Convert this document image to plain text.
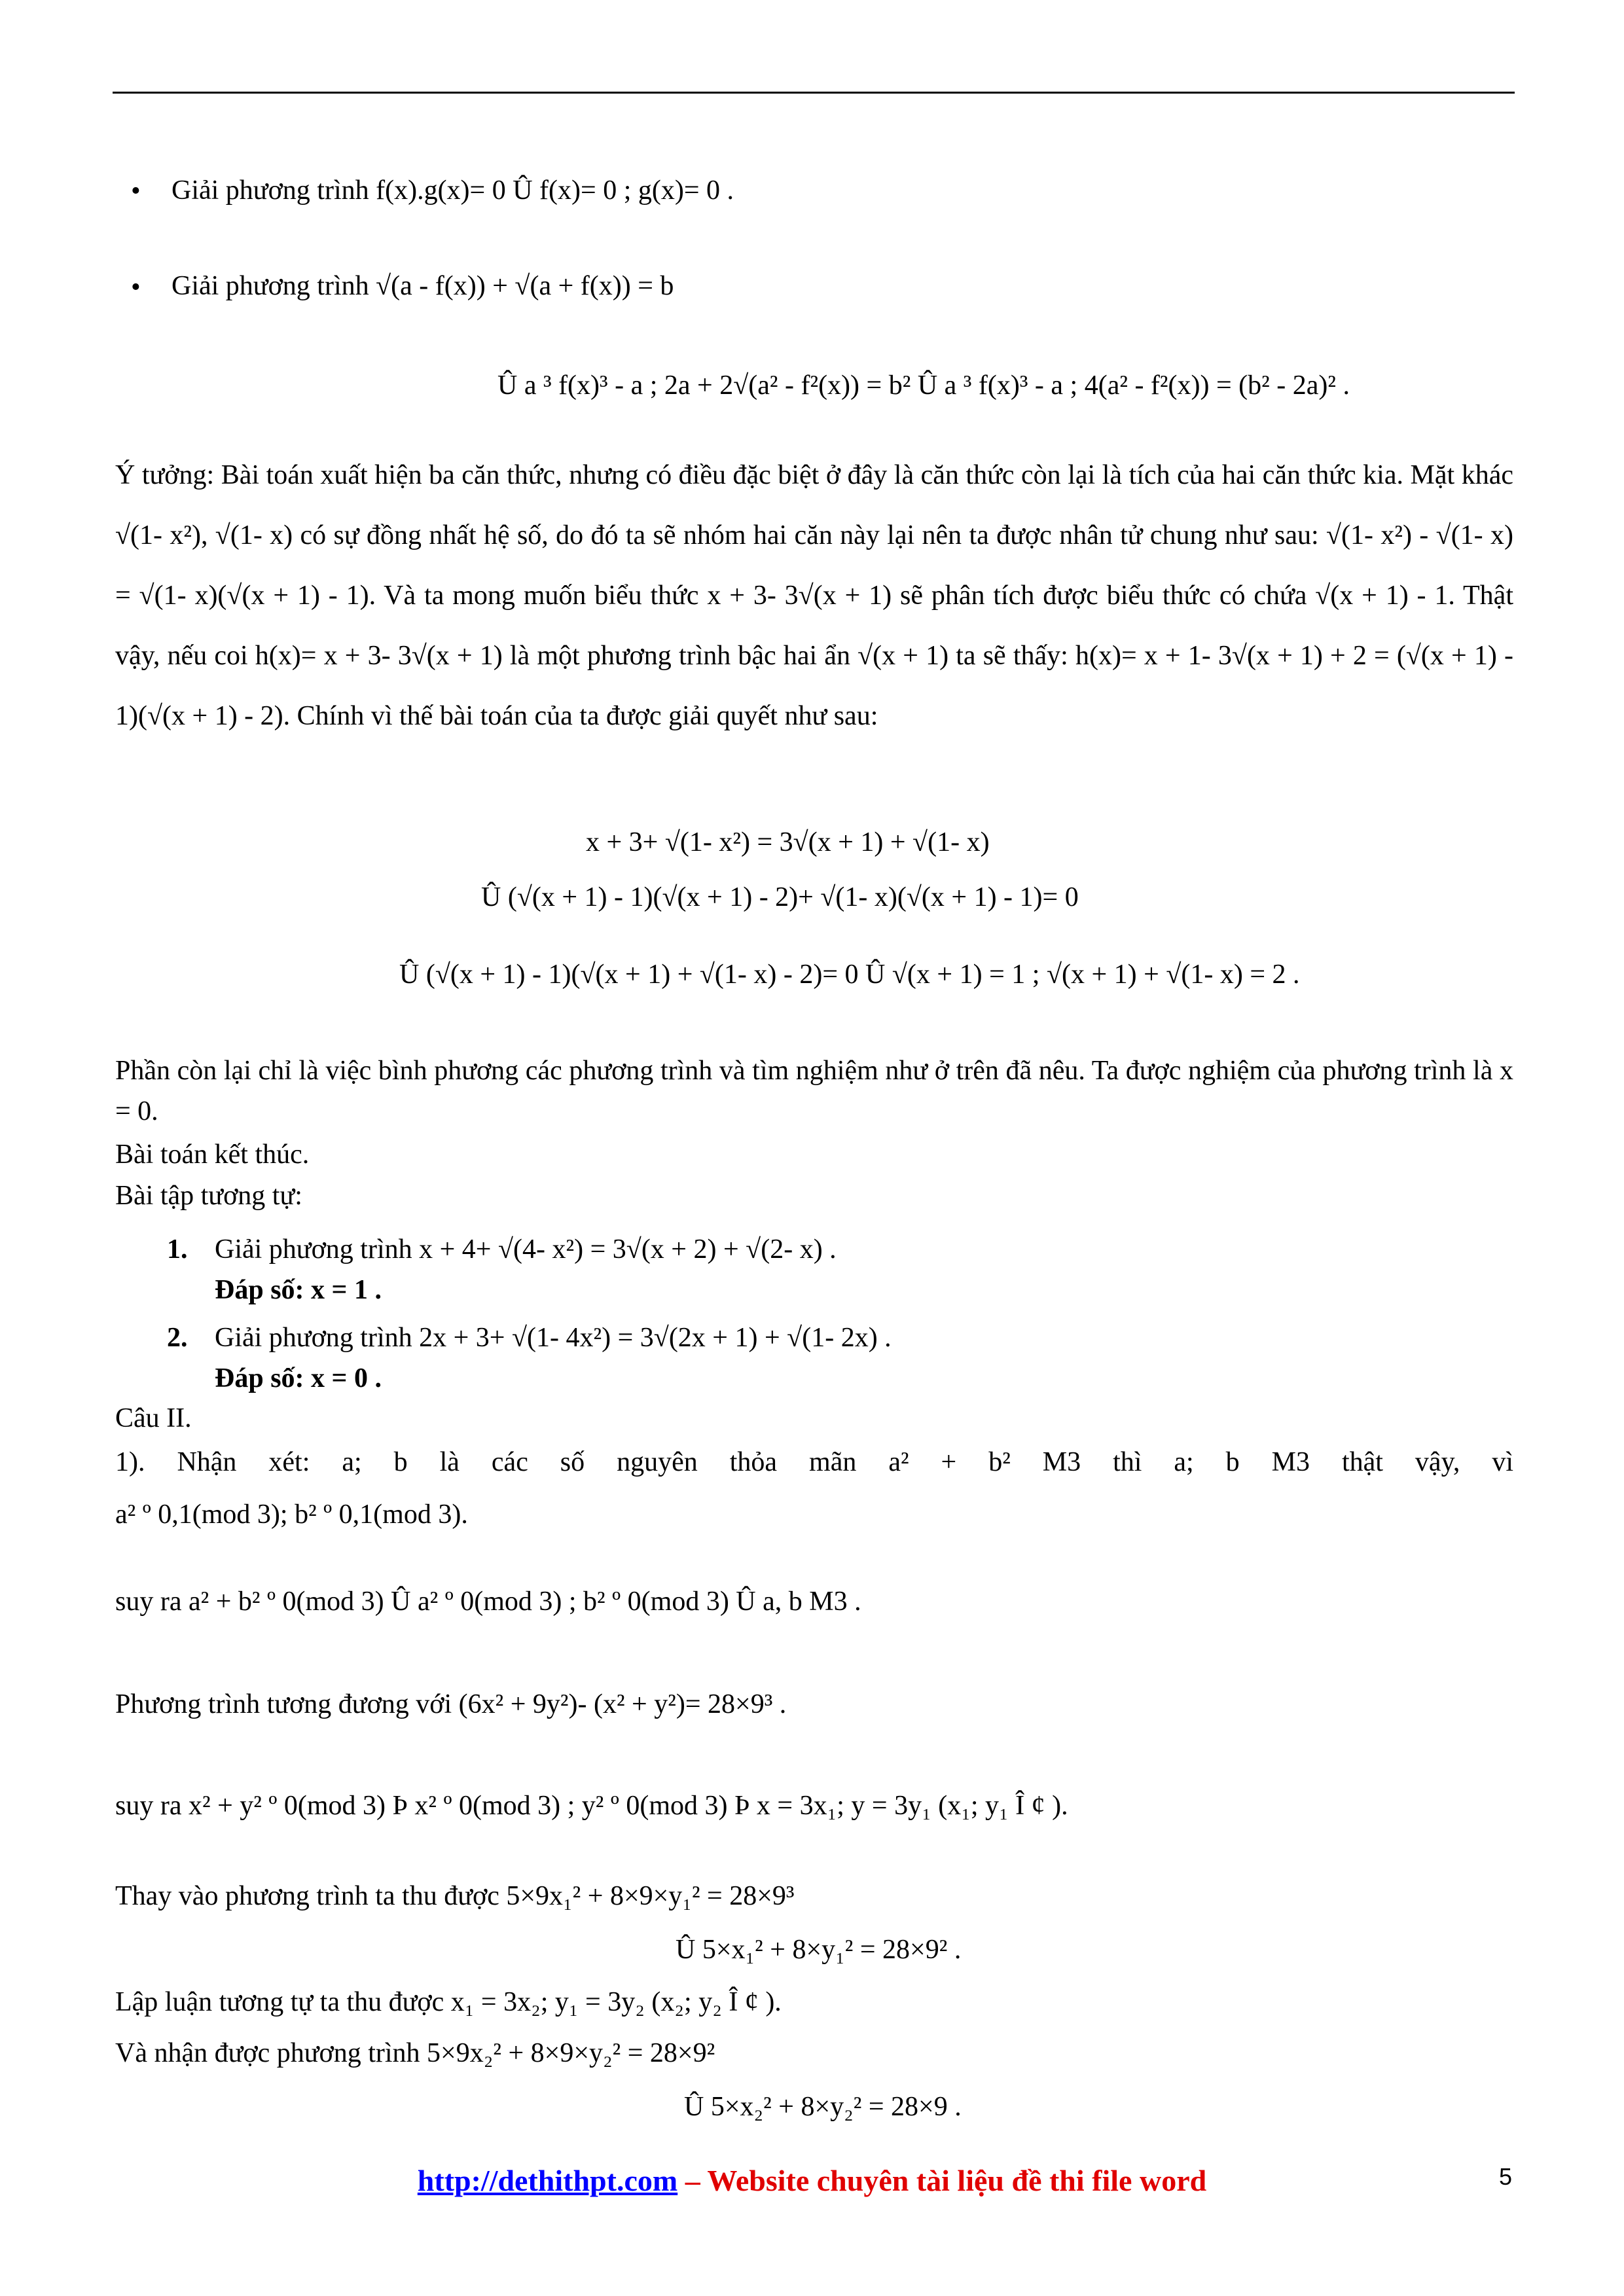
• Giải phương trình f(x).g(x)= 0 Û f(x)= 0 ; g(x)= 0 .
• Giải phương trình √(a - f(x)) + √(a + f(x)) = b
Û a ³ f(x)³ - a ; 2a + 2√(a² - f²(x)) = b² Û a ³ f(x)³ - a ; 4(a² - f²(x)) = (b² - 2a)² .
Ý tưởng: Bài toán xuất hiện ba căn thức, nhưng có điều đặc biệt ở đây là căn thức còn lại là tích của hai căn thức kia. Mặt khác √(1- x²), √(1- x) có sự đồng nhất hệ số, do đó ta sẽ nhóm hai căn này lại nên ta được nhân tử chung như sau: √(1- x²) - √(1- x) = √(1- x)(√(x + 1) - 1). Và ta mong muốn biểu thức x + 3- 3√(x + 1) sẽ phân tích được biểu thức có chứa √(x + 1) - 1. Thật vậy, nếu coi h(x)= x + 3- 3√(x + 1) là một phương trình bậc hai ẩn √(x + 1) ta sẽ thấy: h(x)= x + 1- 3√(x + 1) + 2 = (√(x + 1) - 1)(√(x + 1) - 2). Chính vì thế bài toán của ta được giải quyết như sau:
x + 3+ √(1- x²) = 3√(x + 1) + √(1- x)
Û (√(x + 1) - 1)(√(x + 1) - 2)+ √(1- x)(√(x + 1) - 1)= 0
Û (√(x + 1) - 1)(√(x + 1) + √(1- x) - 2)= 0 Û √(x + 1) = 1 ; √(x + 1) + √(1- x) = 2 .
Phần còn lại chỉ là việc bình phương các phương trình và tìm nghiệm như ở trên đã nêu. Ta được nghiệm của phương trình là x = 0.
Bài toán kết thúc.
Bài tập tương tự:
1. Giải phương trình x + 4+ √(4- x²) = 3√(x + 2) + √(2- x) .
Đáp số: x = 1 .
2. Giải phương trình 2x + 3+ √(1- 4x²) = 3√(2x + 1) + √(1- 2x) .
Đáp số: x = 0 .
Câu II.
1). Nhận xét: a; b là các số nguyên thỏa mãn a² + b² M3 thì a; b M3 thật vậy, vì
a² º 0,1(mod 3); b² º 0,1(mod 3).
suy ra a² + b² º 0(mod 3) Û a² º 0(mod 3) ; b² º 0(mod 3) Û a, b M3 .
Phương trình tương đương với (6x² + 9y²)- (x² + y²)= 28×9³ .
suy ra x² + y² º 0(mod 3) Þ x² º 0(mod 3) ; y² º 0(mod 3) Þ x = 3x₁; y = 3y₁ (x₁; y₁ Î ¢ ).
Thay vào phương trình ta thu được 5×9x₁² + 8×9×y₁² = 28×9³
Û 5×x₁² + 8×y₁² = 28×9² .
Lập luận tương tự ta thu được x₁ = 3x₂; y₁ = 3y₂ (x₂; y₂ Î ¢ ).
Và nhận được phương trình 5×9x₂² + 8×9×y₂² = 28×9²
Û 5×x₂² + 8×y₂² = 28×9 .
http://dethithpt.com – Website chuyên tài liệu đề thi file word	5
